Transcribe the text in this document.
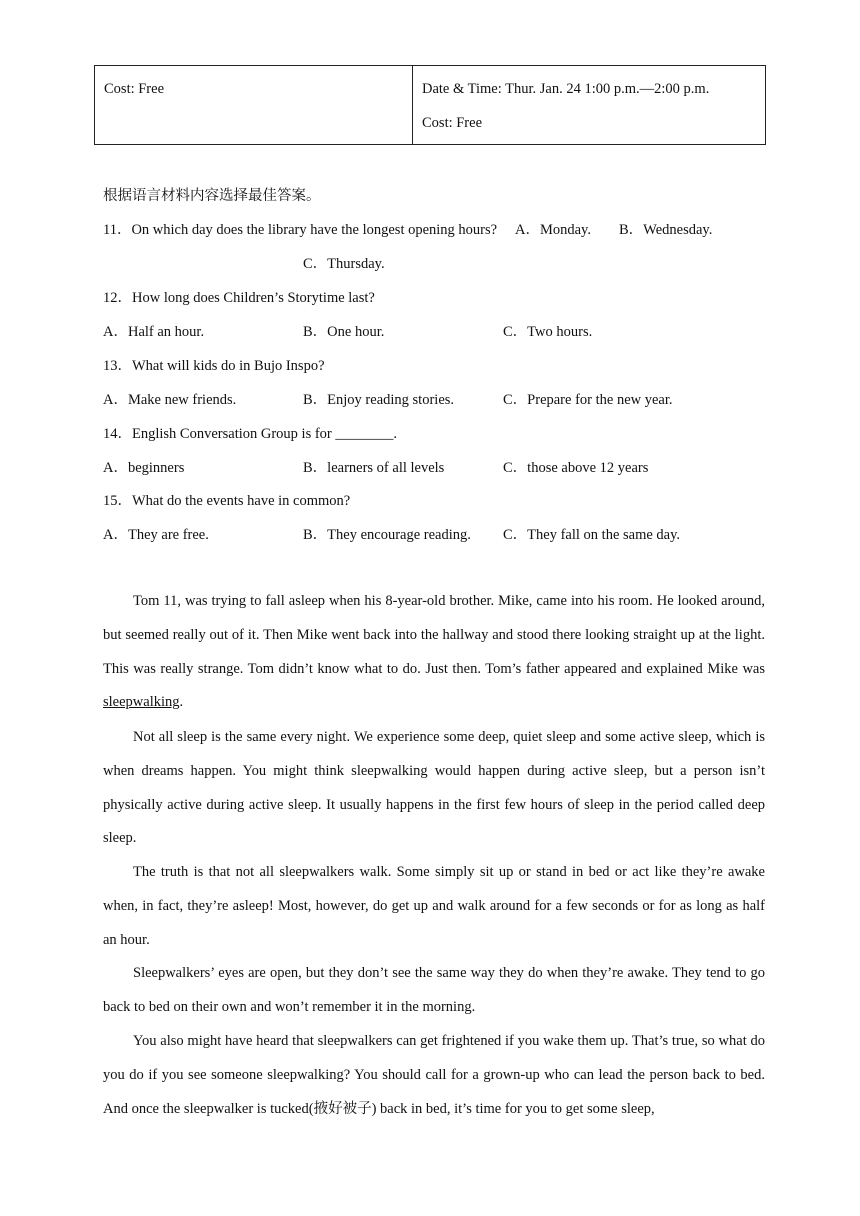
Cost: Free	Date & Time: Thur. Jan. 24 1:00 p.m.—2:00 p.m.
Cost: Free
根据语言材料内容选择最佳答案。
11．On which day does the library have the longest opening hours? A．Monday. B．Wednesday.
C．Thursday.
12．How long does Children’s Storytime last?
A．Half an hour.	B．One hour.	C．Two hours.
13．What will kids do in Bujo Inspo?
A．Make new friends.	B．Enjoy reading stories.	C．Prepare for the new year.
14．English Conversation Group is for ________.
A．beginners	B．learners of all levels	C．those above 12 years
15．What do the events have in common?
A．They are free.	B．They encourage reading. C．They fall on the same day.
Tom 11, was trying to fall asleep when his 8-year-old brother. Mike, came into his room. He looked around, but seemed really out of it. Then Mike went back into the hallway and stood there looking straight up at the light. This was really strange. Tom didn’t know what to do. Just then. Tom’s father appeared and explained Mike was sleepwalking.
Not all sleep is the same every night. We experience some deep, quiet sleep and some active sleep, which is when dreams happen. You might think sleepwalking would happen during active sleep, but a person isn’t physically active during active sleep. It usually happens in the first few hours of sleep in the period called deep sleep.
The truth is that not all sleepwalkers walk. Some simply sit up or stand in bed or act like they’re awake when, in fact, they’re asleep! Most, however, do get up and walk around for a few seconds or for as long as half an hour.
Sleepwalkers’ eyes are open, but they don’t see the same way they do when they’re awake. They tend to go back to bed on their own and won’t remember it in the morning.
You also might have heard that sleepwalkers can get frightened if you wake them up. That’s true, so what do you do if you see someone sleepwalking? You should call for a grown-up who can lead the person back to bed. And once the sleepwalker is tucked(掖好被子) back in bed, it’s time for you to get some sleep,
